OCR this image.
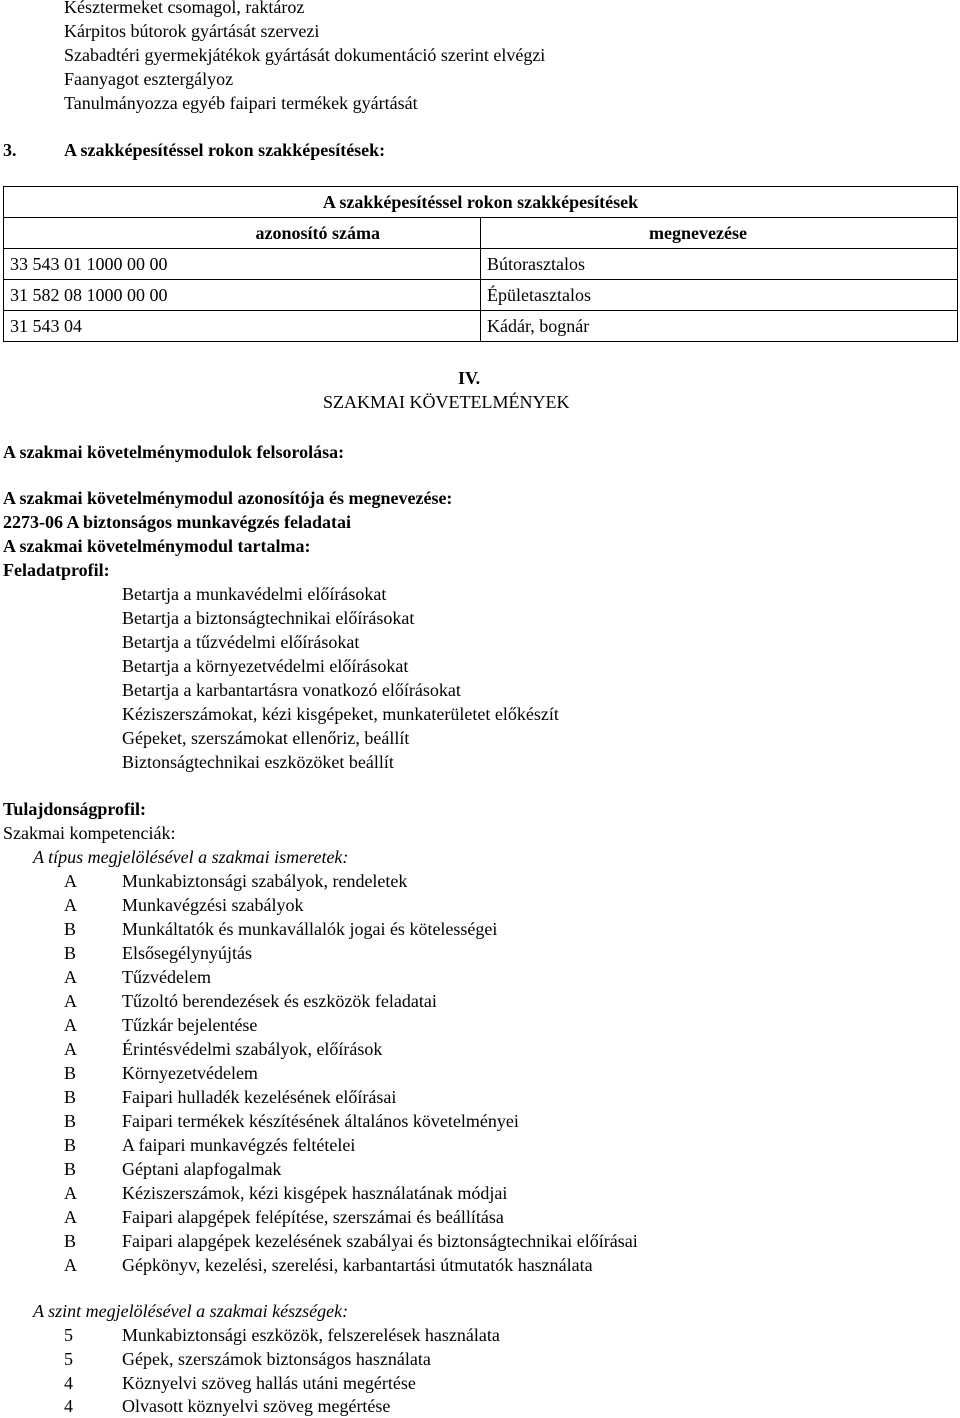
Késztermeket csomagol, raktároz
Kárpitos bútorok gyártását szervezi
Szabadtéri gyermekjátékok gyártását dokumentáció szerint elvégzi
Faanyagot esztergályoz
Tanulmányozza egyéb faipari termékek gyártását
3.	A szakképesítéssel rokon szakképesítések:
A szakképesítéssel rokon szakképesítések	
azonosító száma	megnevezése
33 543 01 1000 00 00	Bútorasztalos
31 582 08 1000 00 00	Épületasztalos
31 543 04	Kádár, bognár
IV.
SZAKMAI KÖVETELMÉNYEK
A szakmai követelménymodulok felsorolása:
A szakmai követelménymodul azonosítója és megnevezése:
2273-06 A biztonságos munkavégzés feladatai
A szakmai követelménymodul tartalma:
Feladatprofil:
Betartja a munkavédelmi előírásokat
Betartja a biztonságtechnikai előírásokat
Betartja a tűzvédelmi előírásokat
Betartja a környezetvédelmi előírásokat
Betartja a karbantartásra vonatkozó előírásokat
Kéziszerszámokat, kézi kisgépeket, munkaterületet előkészít
Gépeket, szerszámokat ellenőriz, beállít
Biztonságtechnikai eszközöket beállít
Tulajdonságprofil:
Szakmai kompetenciák:
A típus megjelölésével a szakmai ismeretek:
A	Munkabiztonsági szabályok, rendeletek
A	Munkavégzési szabályok
B	Munkáltatók és munkavállalók jogai és kötelességei
B	Elsősegélynyújtás
A	Tűzvédelem
A	Tűzoltó berendezések és eszközök feladatai
A	Tűzkár bejelentése
A	Érintésvédelmi szabályok, előírások
B	Környezetvédelem
B	Faipari hulladék kezelésének előírásai
B	Faipari termékek készítésének általános követelményei
B	A faipari munkavégzés feltételei
B	Géptani alapfogalmak
A	Kéziszerszámok, kézi kisgépek használatának módjai
A	Faipari alapgépek felépítése, szerszámai és beállítása
B	Faipari alapgépek kezelésének szabályai és biztonságtechnikai előírásai
A	Gépkönyv, kezelési, szerelési, karbantartási útmutatók használata
A szint megjelölésével a szakmai készségek:
5	Munkabiztonsági eszközök, felszerelések használata
5	Gépek, szerszámok biztonságos használata
4	Köznyelvi szöveg hallás utáni megértése
4	Olvasott köznyelvi szöveg megértése
